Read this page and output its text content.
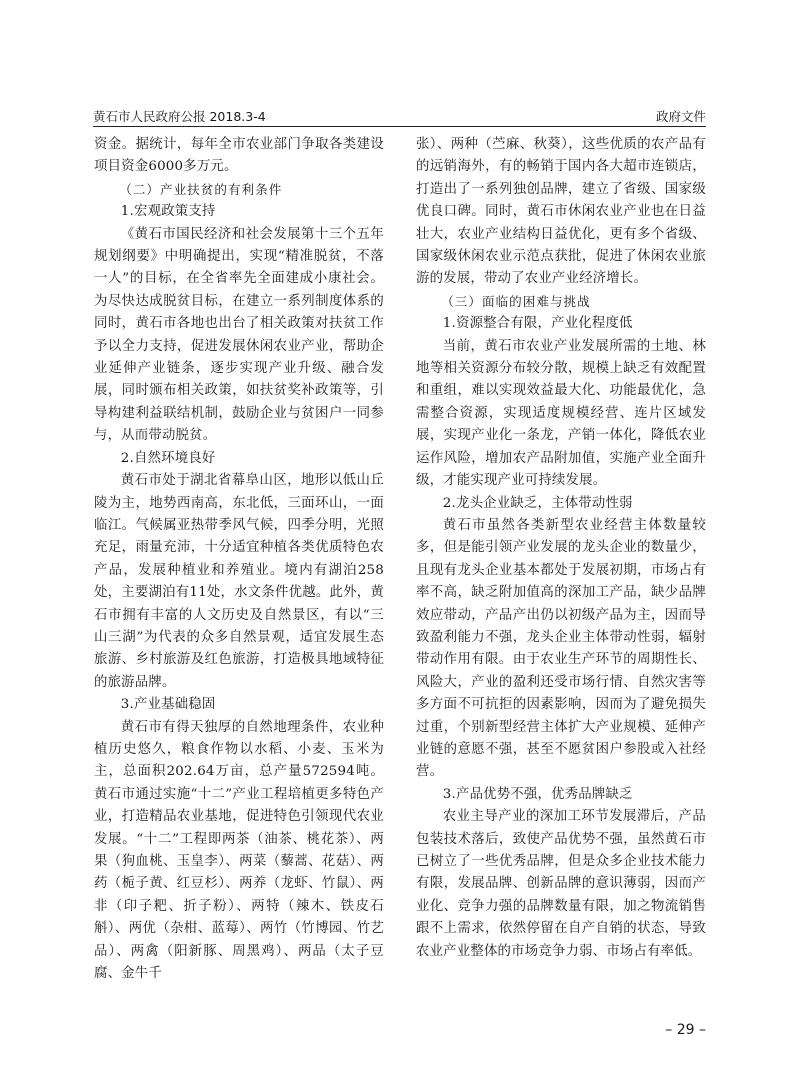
黄石市人民政府公报 2018.3-4	政府文件

资金。据统计，每年全市农业部门争取各类建设项目资金6000多万元。

（二）产业扶贫的有利条件

1.宏观政策支持

《黄石市国民经济和社会发展第十三个五年规划纲要》中明确提出，实现“精准脱贫，不落一人”的目标，在全省率先全面建成小康社会。为尽快达成脱贫目标，在建立一系列制度体系的同时，黄石市各地也出台了相关政策对扶贫工作予以全力支持，促进发展休闲农业产业，帮助企业延伸产业链条，逐步实现产业升级、融合发展，同时颁布相关政策，如扶贫奖补政策等，引导构建利益联结机制，鼓励企业与贫困户一同参与，从而带动脱贫。

2.自然环境良好

黄石市处于湖北省幕阜山区，地形以低山丘陵为主，地势西南高，东北低，三面环山，一面临江。气候属亚热带季风气候，四季分明，光照充足，雨量充沛，十分适宜种植各类优质特色农产品，发展种植业和养殖业。境内有湖泊258处，主要湖泊有11处，水文条件优越。此外，黄石市拥有丰富的人文历史及自然景区，有以“三山三湖”为代表的众多自然景观，适宜发展生态旅游、乡村旅游及红色旅游，打造极具地域特征的旅游品牌。

3.产业基础稳固

黄石市有得天独厚的自然地理条件，农业种植历史悠久，粮食作物以水稻、小麦、玉米为主，总面积202.64万亩，总产量572594吨。黄石市通过实施“十二”产业工程培植更多特色产业，打造精品农业基地，促进特色引领现代农业发展。“十二”工程即两茶（油茶、桃花茶）、两果（狗血桃、玉皇李）、两菜（藜蒿、花菇）、两药（栀子黄、红豆杉）、两养（龙虾、竹鼠）、两非（印子粑、折子粉）、两特（辣木、铁皮石斛）、两优（杂柑、蓝莓）、两竹（竹博园、竹艺品）、两禽（阳新豚、周黑鸡）、两品（太子豆腐、金牛千

张）、两种（苎麻、秋葵），这些优质的农产品有的远销海外，有的畅销于国内各大超市连锁店，打造出了一系列独创品牌，建立了省级、国家级优良口碑。同时，黄石市休闲农业产业也在日益壮大，农业产业结构日益优化，更有多个省级、国家级休闲农业示范点获批，促进了休闲农业旅游的发展，带动了农业产业经济增长。

（三）面临的困难与挑战

1.资源整合有限，产业化程度低

当前，黄石市农业产业发展所需的土地、林地等相关资源分布较分散，规模上缺乏有效配置和重组，难以实现效益最大化、功能最优化，急需整合资源，实现适度规模经营、连片区域发展，实现产业化一条龙，产销一体化，降低农业运作风险，增加农产品附加值，实施产业全面升级，才能实现产业可持续发展。

2.龙头企业缺乏，主体带动性弱

黄石市虽然各类新型农业经营主体数量较多，但是能引领产业发展的龙头企业的数量少，且现有龙头企业基本都处于发展初期，市场占有率不高，缺乏附加值高的深加工产品，缺少品牌效应带动，产品产出仍以初级产品为主，因而导致盈利能力不强，龙头企业主体带动性弱，辐射带动作用有限。由于农业生产环节的周期性长、风险大，产业的盈利还受市场行情、自然灾害等多方面不可抗拒的因素影响，因而为了避免损失过重，个别新型经营主体扩大产业规模、延伸产业链的意愿不强，甚至不愿贫困户参股或入社经营。

3.产品优势不强，优秀品牌缺乏

农业主导产业的深加工环节发展滞后，产品包装技术落后，致使产品优势不强，虽然黄石市已树立了一些优秀品牌，但是众多企业技术能力有限，发展品牌、创新品牌的意识薄弱，因而产业化、竞争力强的品牌数量有限，加之物流销售跟不上需求，依然停留在自产自销的状态，导致农业产业整体的市场竞争力弱、市场占有率低。

– 29 –
